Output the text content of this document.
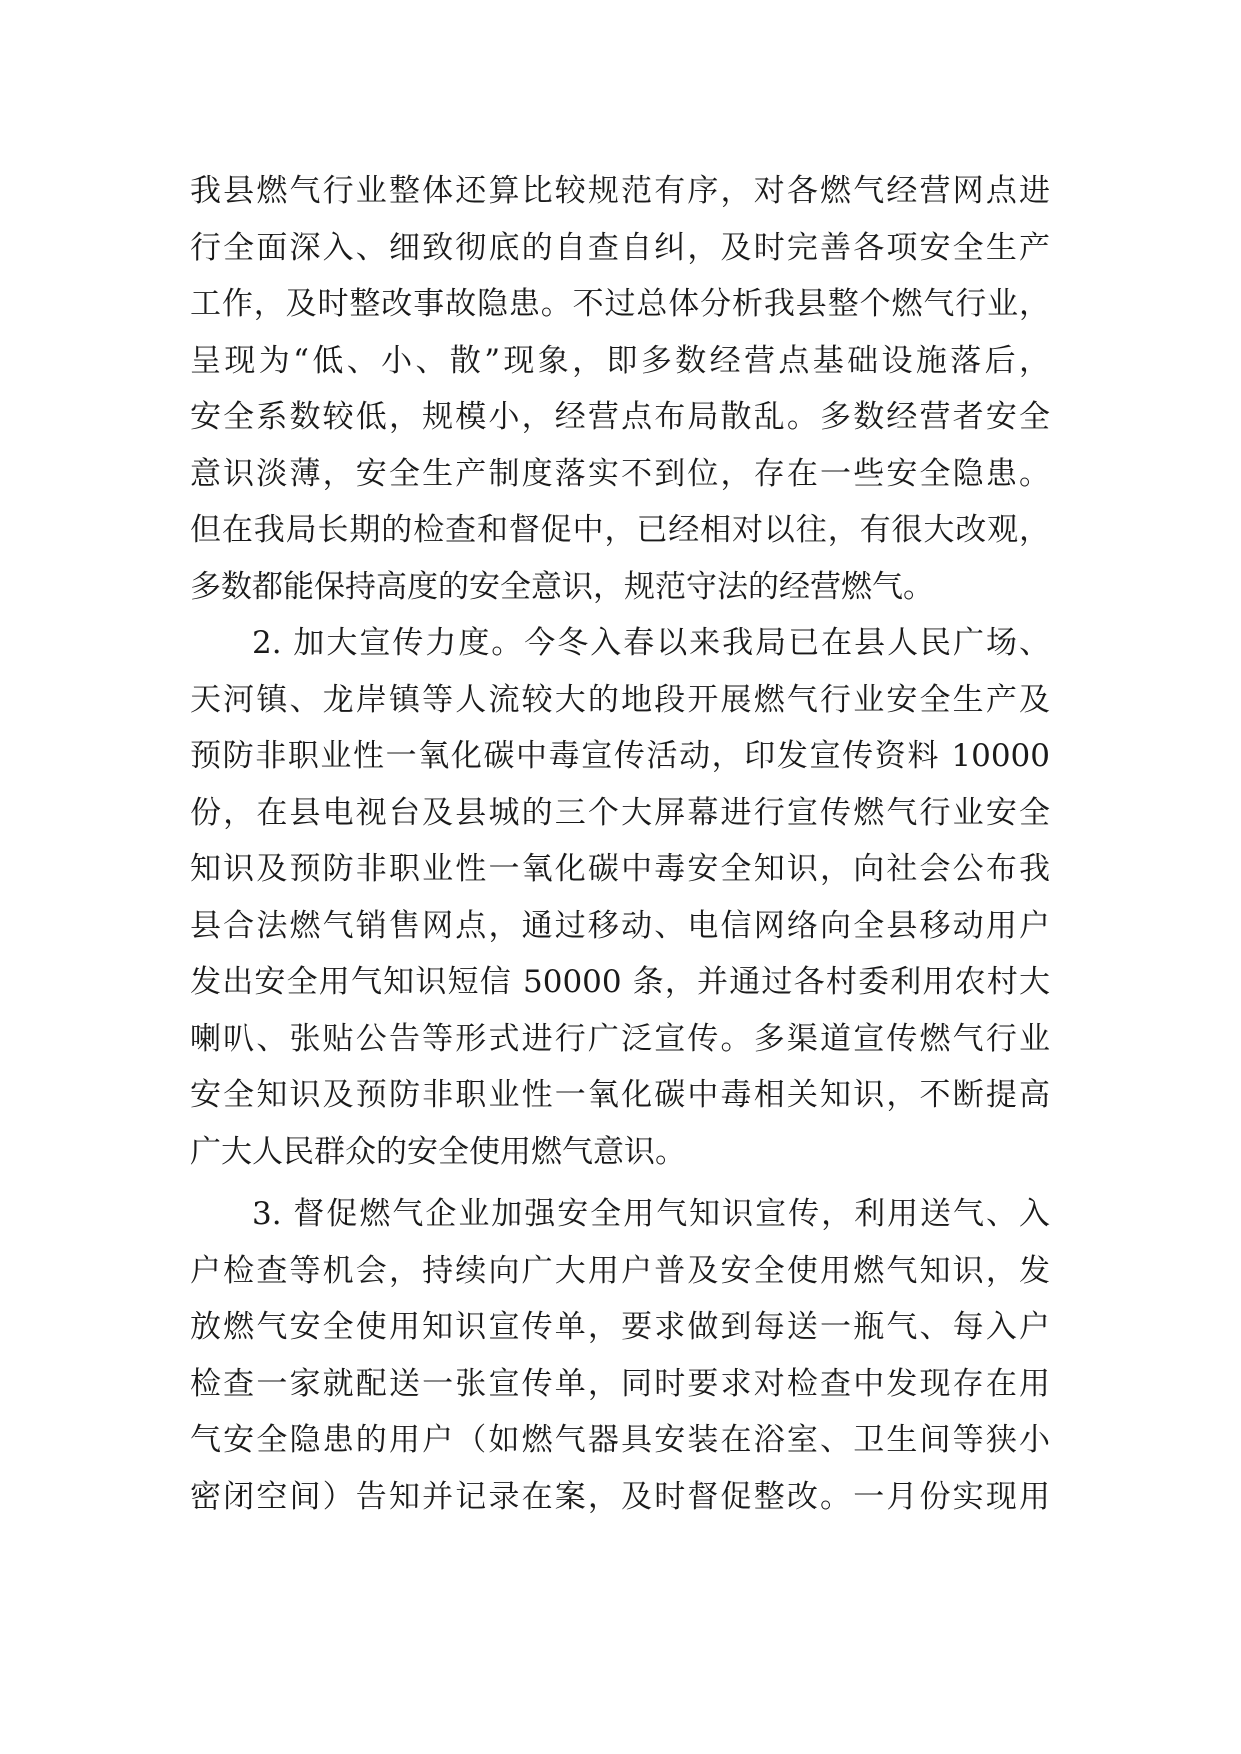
我县燃气行业整体还算比较规范有序，对各燃气经营网点进
行全面深入、细致彻底的自查自纠，及时完善各项安全生产
工作，及时整改事故隐患。不过总体分析我县整个燃气行业，
呈现为“低、小、散”现象，即多数经营点基础设施落后，
安全系数较低，规模小，经营点布局散乱。多数经营者安全
意识淡薄，安全生产制度落实不到位，存在一些安全隐患。
但在我局长期的检查和督促中，已经相对以往，有很大改观，
多数都能保持高度的安全意识，规范守法的经营燃气。
2. 加大宣传力度。今冬入春以来我局已在县人民广场、
天河镇、龙岸镇等人流较大的地段开展燃气行业安全生产及
预防非职业性一氧化碳中毒宣传活动，印发宣传资料 10000
份，在县电视台及县城的三个大屏幕进行宣传燃气行业安全
知识及预防非职业性一氧化碳中毒安全知识，向社会公布我
县合法燃气销售网点，通过移动、电信网络向全县移动用户
发出安全用气知识短信 50000 条，并通过各村委利用农村大
喇叭、张贴公告等形式进行广泛宣传。多渠道宣传燃气行业
安全知识及预防非职业性一氧化碳中毒相关知识，不断提高
广大人民群众的安全使用燃气意识。
3. 督促燃气企业加强安全用气知识宣传，利用送气、入
户检查等机会，持续向广大用户普及安全使用燃气知识，发
放燃气安全使用知识宣传单，要求做到每送一瓶气、每入户
检查一家就配送一张宣传单，同时要求对检查中发现存在用
气安全隐患的用户（如燃气器具安装在浴室、卫生间等狭小
密闭空间）告知并记录在案，及时督促整改。一月份实现用
